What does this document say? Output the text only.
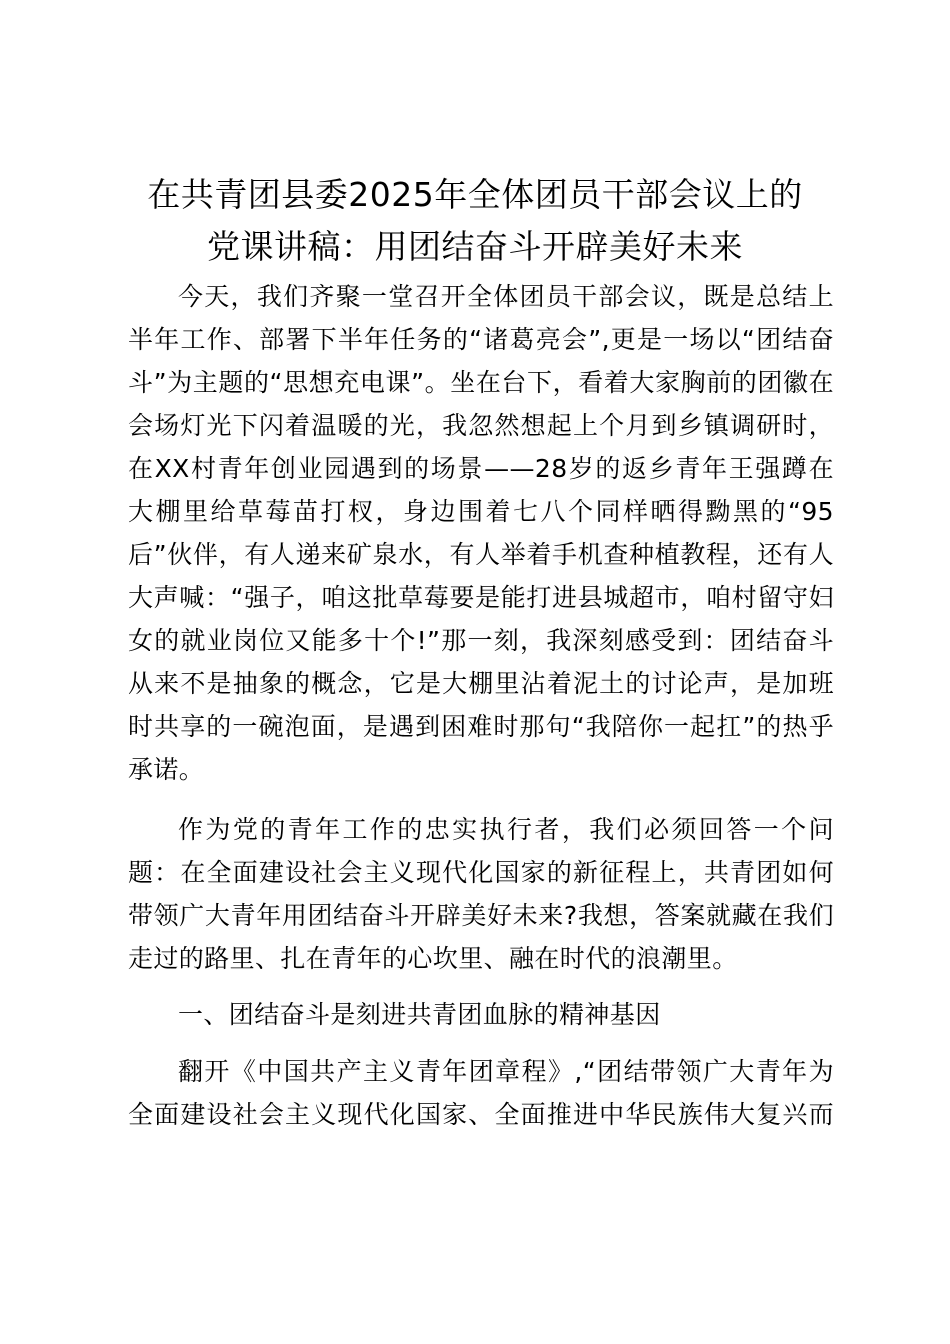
在共青团县委2025年全体团员干部会议上的
党课讲稿：用团结奋斗开辟美好未来
今天，我们齐聚一堂召开全体团员干部会议，既是总结上
半年工作、部署下半年任务的“诸葛亮会”,更是一场以“团结奋
斗”为主题的“思想充电课”。坐在台下，看着大家胸前的团徽在
会场灯光下闪着温暖的光，我忽然想起上个月到乡镇调研时，
在XX村青年创业园遇到的场景——28岁的返乡青年王强蹲在
大棚里给草莓苗打杈，身边围着七八个同样晒得黝黑的“95
后”伙伴，有人递来矿泉水，有人举着手机查种植教程，还有人
大声喊：“强子，咱这批草莓要是能打进县城超市，咱村留守妇
女的就业岗位又能多十个!”那一刻，我深刻感受到：团结奋斗
从来不是抽象的概念，它是大棚里沾着泥土的讨论声，是加班
时共享的一碗泡面，是遇到困难时那句“我陪你一起扛”的热乎
承诺。
作为党的青年工作的忠实执行者，我们必须回答一个问
题：在全面建设社会主义现代化国家的新征程上，共青团如何
带领广大青年用团结奋斗开辟美好未来?我想，答案就藏在我们
走过的路里、扎在青年的心坎里、融在时代的浪潮里。
一、团结奋斗是刻进共青团血脉的精神基因
翻开《中国共产主义青年团章程》,“团结带领广大青年为
全面建设社会主义现代化国家、全面推进中华民族伟大复兴而
